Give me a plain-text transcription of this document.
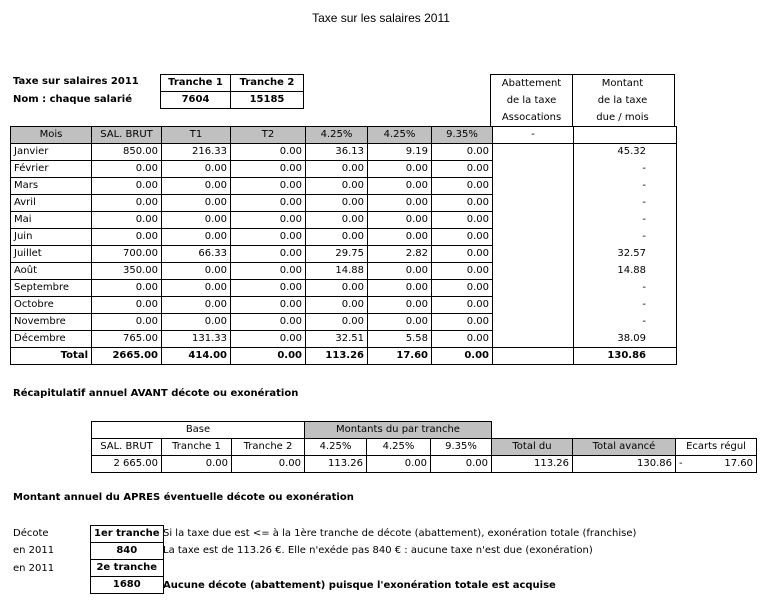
Taxe sur les salaires 2011
Taxe sur salaires 2011
Nom : chaque salarié
Tranche 1	Tranche 2
7604	15185
Abattement
de la taxe
Assocations
Montant
de la taxe
due / mois
Mois	SAL. BRUT	T1	T2	4.25%	4.25%	9.35%	-	
Janvier	850.00	216.33	0.00	36.13	9.19	0.00		45.32
Février	0.00	0.00	0.00	0.00	0.00	0.00		-
Mars	0.00	0.00	0.00	0.00	0.00	0.00		-
Avril	0.00	0.00	0.00	0.00	0.00	0.00		-
Mai	0.00	0.00	0.00	0.00	0.00	0.00		-
Juin	0.00	0.00	0.00	0.00	0.00	0.00		-
Juillet	700.00	66.33	0.00	29.75	2.82	0.00		32.57
Août	350.00	0.00	0.00	14.88	0.00	0.00		14.88
Septembre	0.00	0.00	0.00	0.00	0.00	0.00		-
Octobre	0.00	0.00	0.00	0.00	0.00	0.00		-
Novembre	0.00	0.00	0.00	0.00	0.00	0.00		-
Décembre	765.00	131.33	0.00	32.51	5.58	0.00		38.09
Total	2665.00	414.00	0.00	113.26	17.60	0.00		130.86
Récapitulatif annuel AVANT décote ou exonération
Base			Montants du par tranche					
SAL. BRUT	Tranche 1	Tranche 2	4.25%	4.25%	9.35%	Total du	Total avancé	Ecarts régul
2 665.00	0.00	0.00	113.26	0.00	0.00	113.26	130.86	- 17.60
Montant annuel du APRES éventuelle décote ou exonération
Décote
en 2011
en 2011
1er tranche
840
2e tranche
1680
Si la taxe due est <= à la 1ère tranche de décote (abattement), exonération totale (franchise)
La taxe est de 113.26 €. Elle n'exéde pas 840 € : aucune taxe n'est due (exonération)
Aucune décote (abattement) puisque l'exonération totale est acquise
